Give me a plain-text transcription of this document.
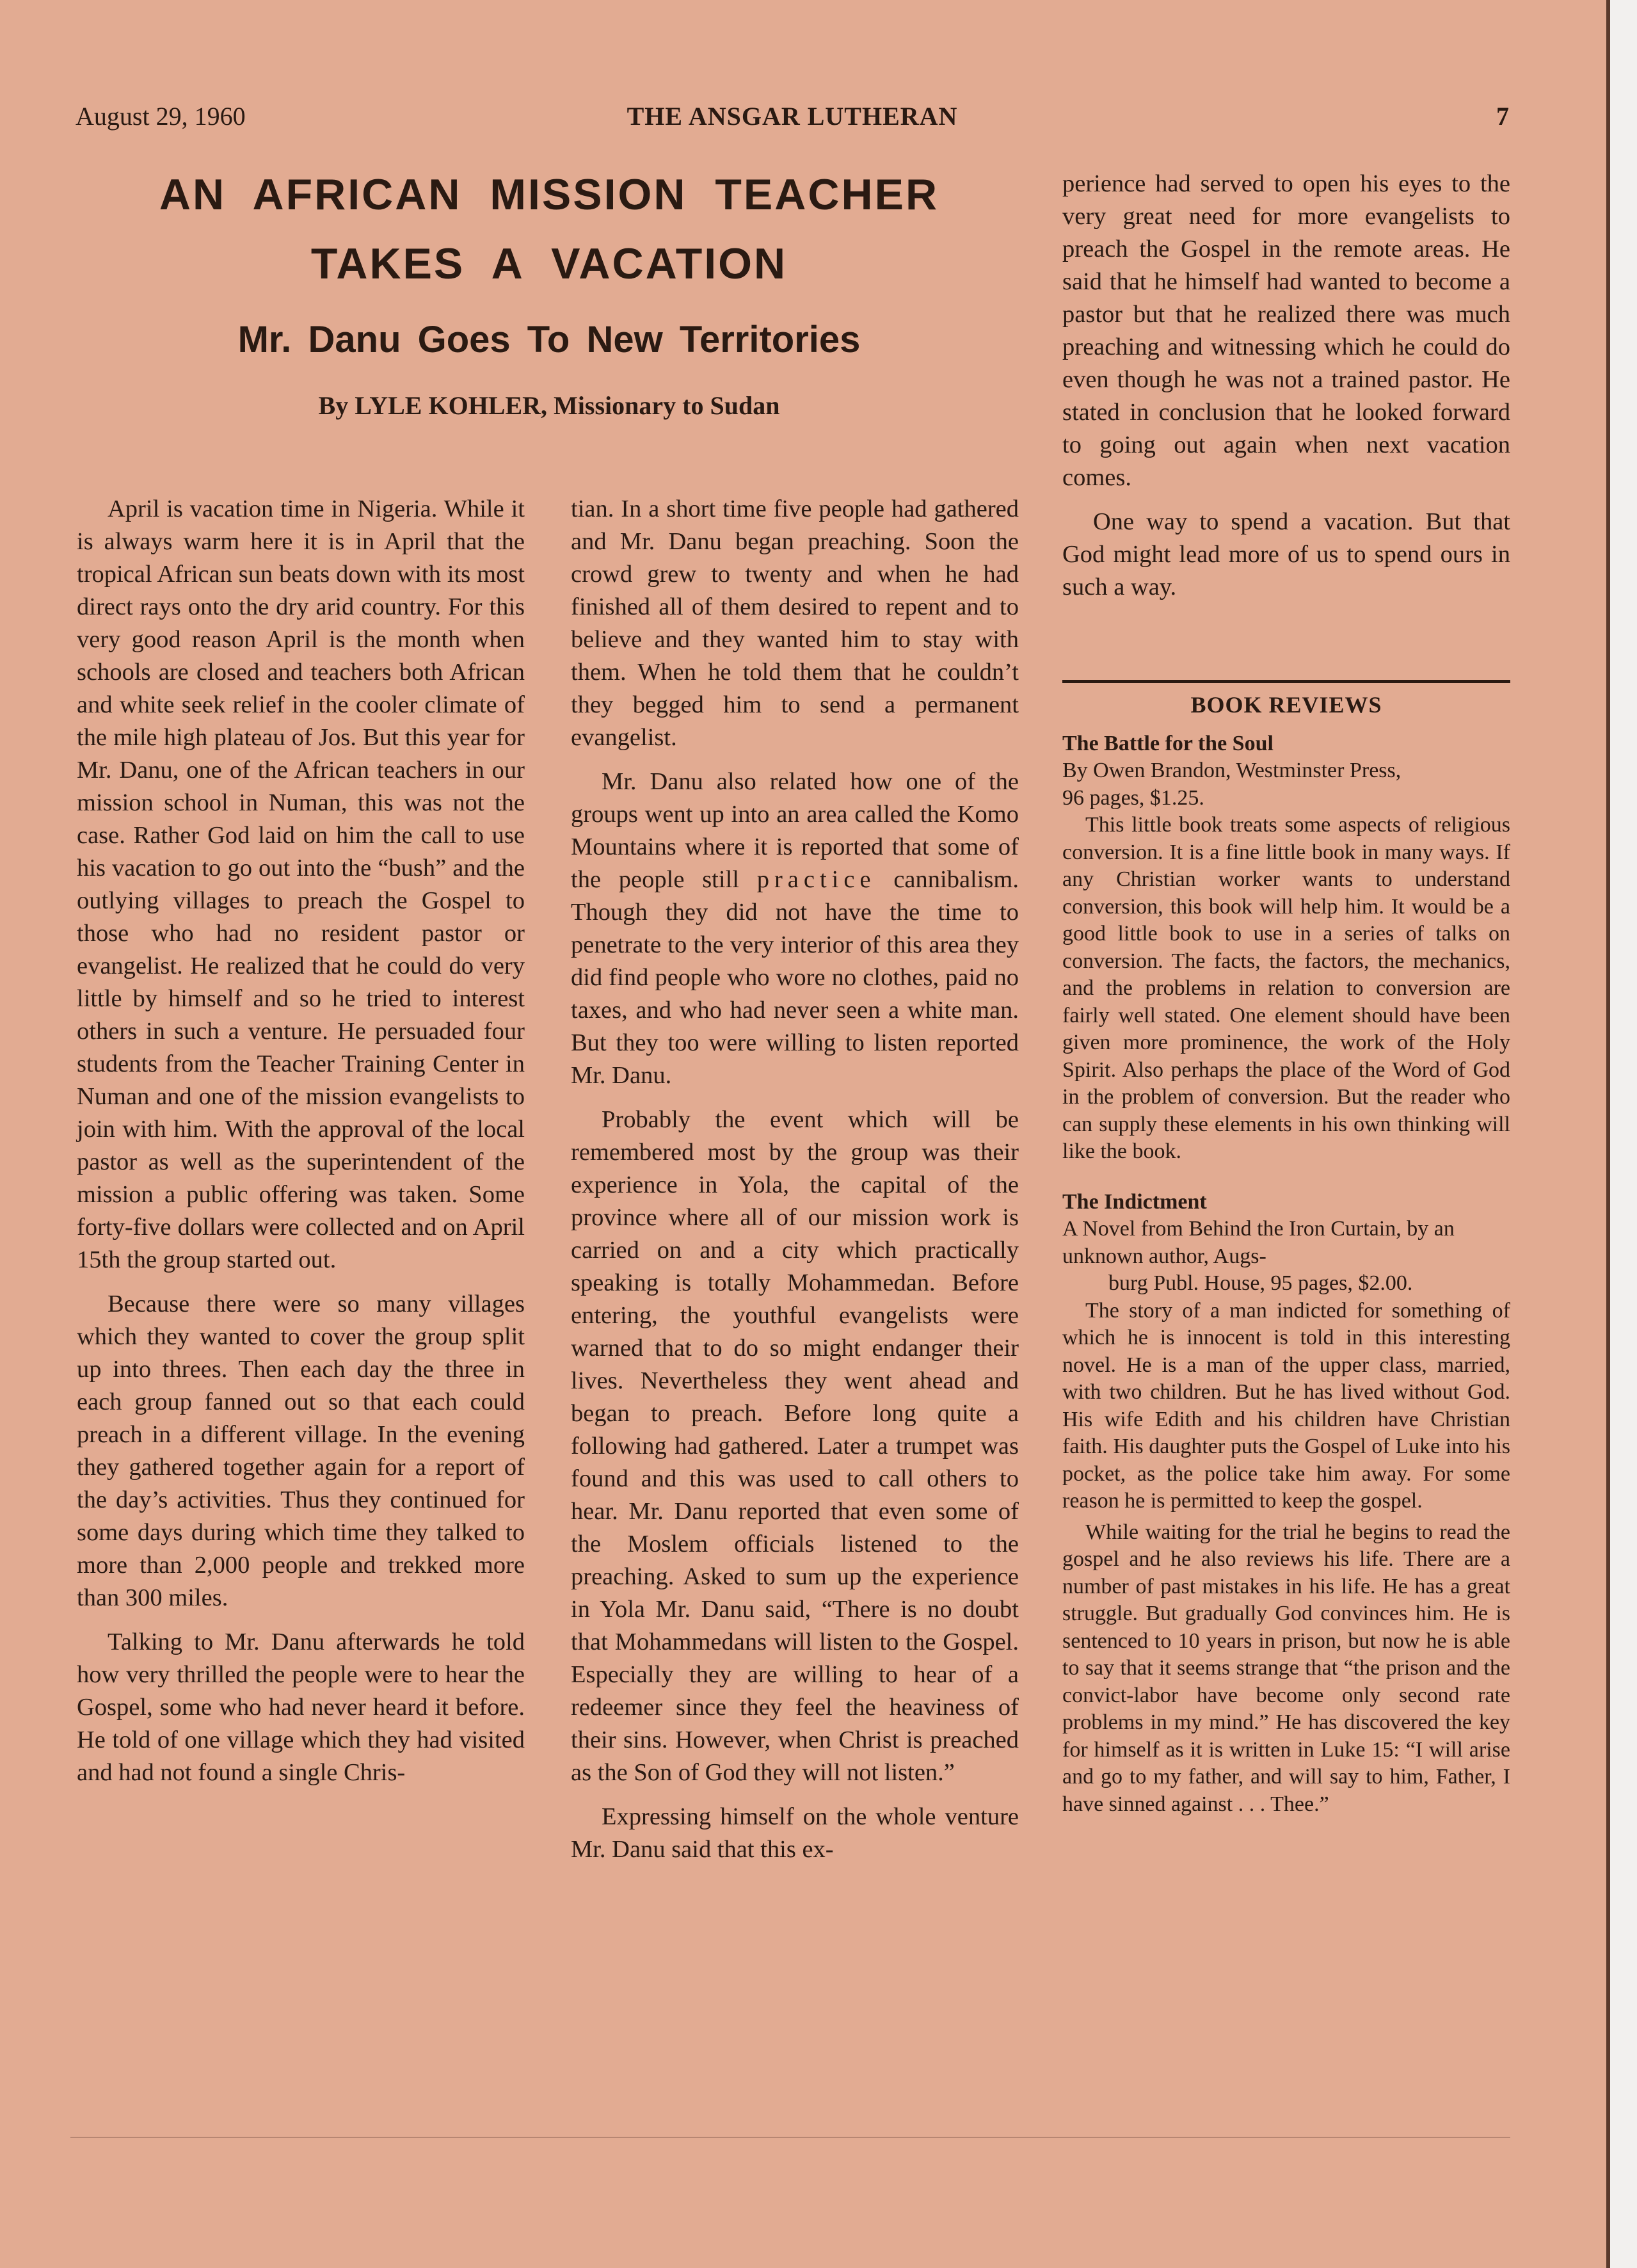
August 29, 1960	THE ANSGAR LUTHERAN	7
AN AFRICAN MISSION TEACHER
TAKES A VACATION
Mr. Danu Goes To New Territories
By LYLE KOHLER, Missionary to Sudan

April is vacation time in Nigeria. While it is always warm here it is in April that the tropical African sun beats down with its most direct rays onto the dry arid country. For this very good reason April is the month when schools are closed and teachers both African and white seek relief in the cooler climate of the mile high plateau of Jos. But this year for Mr. Danu, one of the African teachers in our mission school in Numan, this was not the case. Rather God laid on him the call to use his vacation to go out into the “bush” and the outlying villages to preach the Gospel to those who had no resident pastor or evangelist. He realized that he could do very little by himself and so he tried to interest others in such a venture. He persuaded four students from the Teacher Training Center in Numan and one of the mission evangelists to join with him. With the approval of the local pastor as well as the superintendent of the mission a public offering was taken. Some forty-five dollars were collected and on April 15th the group started out.

Because there were so many villages which they wanted to cover the group split up into threes. Then each day the three in each group fanned out so that each could preach in a different village. In the evening they gathered together again for a report of the day’s activities. Thus they continued for some days during which time they talked to more than 2,000 people and trekked more than 300 miles.

Talking to Mr. Danu afterwards he told how very thrilled the people were to hear the Gospel, some who had never heard it before. He told of one village which they had visited and had not found a single Chris-

tian. In a short time five people had gathered and Mr. Danu began preaching. Soon the crowd grew to twenty and when he had finished all of them desired to repent and to believe and they wanted him to stay with them. When he told them that he couldn’t they begged him to send a permanent evangelist.

Mr. Danu also related how one of the groups went up into an area called the Komo Mountains where it is reported that some of the people still practice cannibalism. Though they did not have the time to penetrate to the very interior of this area they did find people who wore no clothes, paid no taxes, and who had never seen a white man. But they too were willing to listen reported Mr. Danu.

Probably the event which will be remembered most by the group was their experience in Yola, the capital of the province where all of our mission work is carried on and a city which practically speaking is totally Mohammedan. Before entering, the youthful evangelists were warned that to do so might endanger their lives. Nevertheless they went ahead and began to preach. Before long quite a following had gathered. Later a trumpet was found and this was used to call others to hear. Mr. Danu reported that even some of the Moslem officials listened to the preaching. Asked to sum up the experience in Yola Mr. Danu said, “There is no doubt that Mohammedans will listen to the Gospel. Especially they are willing to hear of a redeemer since they feel the heaviness of their sins. However, when Christ is preached as the Son of God they will not listen.”

Expressing himself on the whole venture Mr. Danu said that this ex-

perience had served to open his eyes to the very great need for more evangelists to preach the Gospel in the remote areas. He said that he himself had wanted to become a pastor but that he realized there was much preaching and witnessing which he could do even though he was not a trained pastor. He stated in conclusion that he looked forward to going out again when next vacation comes.

One way to spend a vacation. But that God might lead more of us to spend ours in such a way.

BOOK REVIEWS

The Battle for the Soul

By Owen Brandon, Westminster Press,

96 pages, $1.25.

This little book treats some aspects of religious conversion. It is a fine little book in many ways. If any Christian worker wants to understand conversion, this book will help him. It would be a good little book to use in a series of talks on conversion. The facts, the factors, the mechanics, and the problems in relation to conversion are fairly well stated. One element should have been given more prominence, the work of the Holy Spirit. Also perhaps the place of the Word of God in the problem of conversion. But the reader who can supply these elements in his own thinking will like the book.

The Indictment

A Novel from Behind the Iron Curtain, by an unknown author, Augs-

burg Publ. House, 95 pages, $2.00.

The story of a man indicted for something of which he is innocent is told in this interesting novel. He is a man of the upper class, married, with two children. But he has lived without God. His wife Edith and his children have Christian faith. His daughter puts the Gospel of Luke into his pocket, as the police take him away. For some reason he is permitted to keep the gospel.

While waiting for the trial he begins to read the gospel and he also reviews his life. There are a number of past mistakes in his life. He has a great struggle. But gradually God convinces him. He is sentenced to 10 years in prison, but now he is able to say that it seems strange that “the prison and the convict-labor have become only second rate problems in my mind.” He has discovered the key for himself as it is written in Luke 15: “I will arise and go to my father, and will say to him, Father, I have sinned against . . . Thee.”
